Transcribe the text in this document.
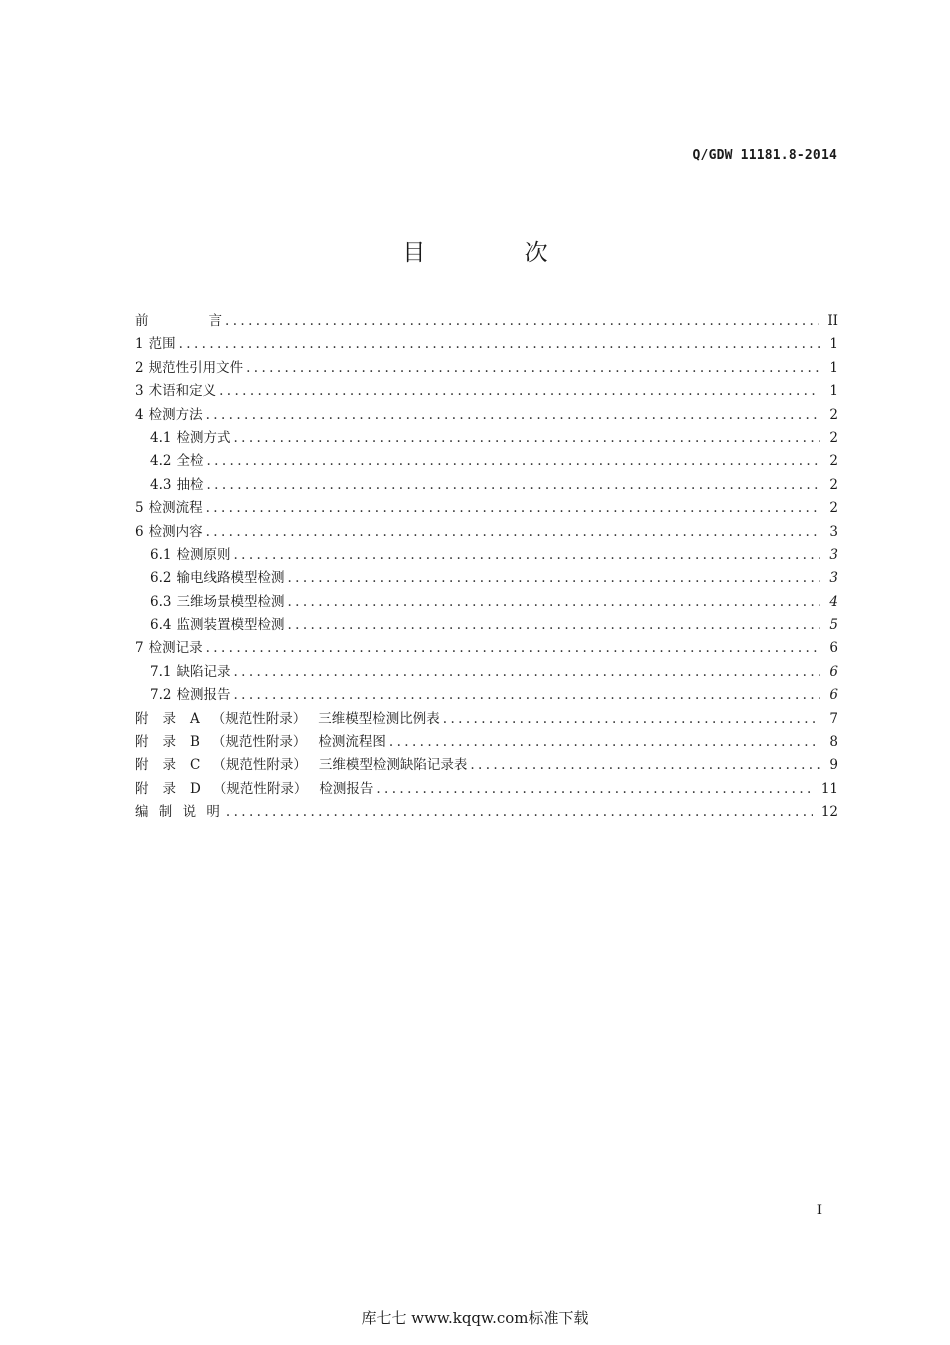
Q/GDW 11181.8-2014
目 次
前	言 .....	II
1 范围 .....	1
2 规范性引用文件 .....	1
3 术语和定义 .....	1
4 检测方法 .....	2
4.1 检测方式 .....	2
4.2 全检 .....	2
4.3 抽检 .....	2
5 检测流程 .....	2
6 检测内容 .....	3
6.1 检测原则 .....	3
6.2 输电线路模型检测 .....	3
6.3 三维场景模型检测 .....	4
6.4 监测装置模型检测 .....	5
7 检测记录 .....	6
7.1 缺陷记录 .....	6
7.2 检测报告 .....	6
附 录 A （规范性附录） 三维模型检测比例表 .....	7
附 录 B （规范性附录） 检测流程图 .....	8
附 录 C （规范性附录） 三维模型检测缺陷记录表 .....	9
附 录 D （规范性附录） 检测报告 .....	11
编 制 说 明 .....	12
I
库七七 www.kqqw.com标准下载
